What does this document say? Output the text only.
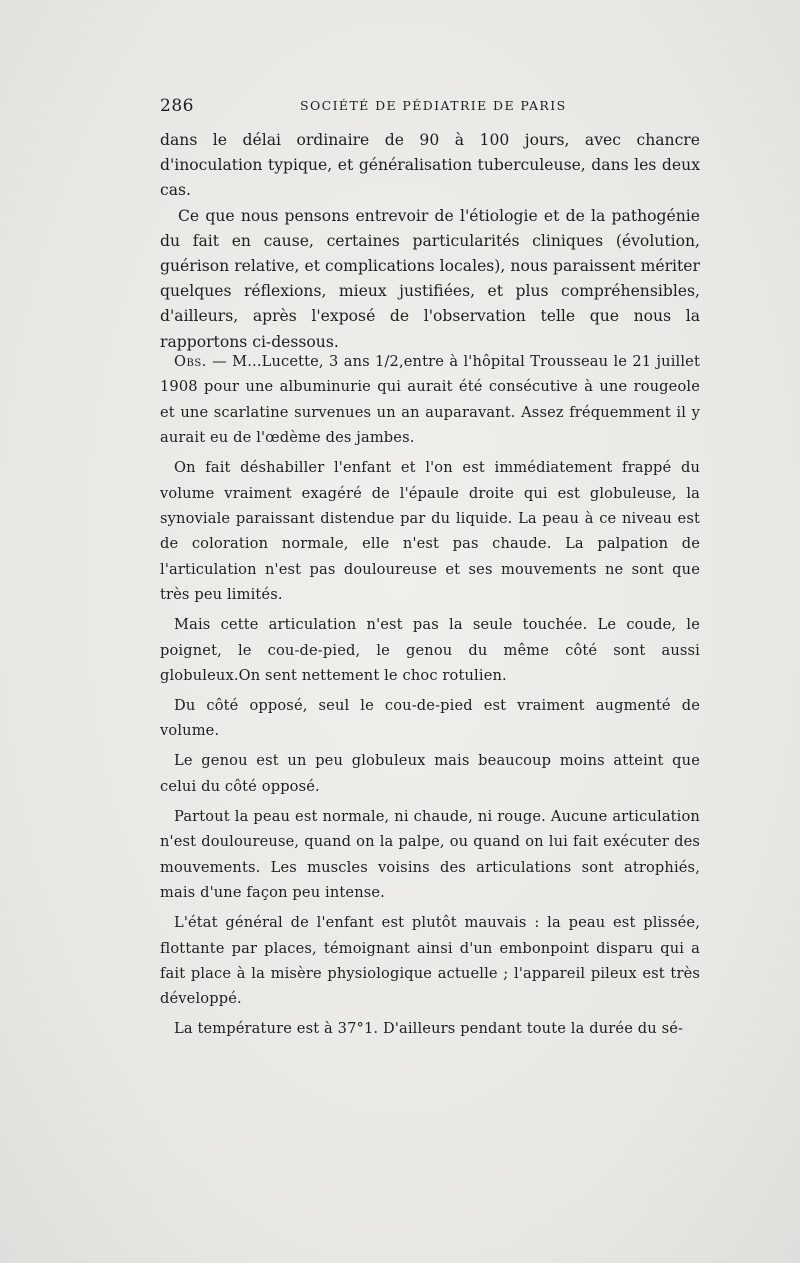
286	SOCIÉTÉ DE PÉDIATRIE DE PARIS

dans le délai ordinaire de 90 à 100 jours, avec chancre d'inoculation typique, et généralisation tuberculeuse, dans les deux cas.

Ce que nous pensons entrevoir de l'étiologie et de la pathogénie du fait en cause, certaines particularités cliniques (évolution, guérison relative, et complications locales), nous paraissent mériter quelques réflexions, mieux justifiées, et plus compréhensibles, d'ailleurs, après l'exposé de l'observation telle que nous la rapportons ci-dessous.

Obs. — M...Lucette, 3 ans 1/2,entre à l'hôpital Trousseau le 21 juillet 1908 pour une albuminurie qui aurait été consécutive à une rougeole et une scarlatine survenues un an auparavant. Assez fréquemment il y aurait eu de l'œdème des jambes.

On fait déshabiller l'enfant et l'on est immédiatement frappé du volume vraiment exagéré de l'épaule droite qui est globuleuse, la synoviale paraissant distendue par du liquide. La peau à ce niveau est de coloration normale, elle n'est pas chaude. La palpation de l'articulation n'est pas douloureuse et ses mouvements ne sont que très peu limités.

Mais cette articulation n'est pas la seule touchée. Le coude, le poignet, le cou-de-pied, le genou du même côté sont aussi globuleux.On sent nettement le choc rotulien.

Du côté opposé, seul le cou-de-pied est vraiment augmenté de volume.

Le genou est un peu globuleux mais beaucoup moins atteint que celui du côté opposé.

Partout la peau est normale, ni chaude, ni rouge. Aucune articulation n'est douloureuse, quand on la palpe, ou quand on lui fait exécuter des mouvements. Les muscles voisins des articulations sont atrophiés, mais d'une façon peu intense.

L'état général de l'enfant est plutôt mauvais : la peau est plissée, flottante par places, témoignant ainsi d'un embonpoint disparu qui a fait place à la misère physiologique actuelle ; l'appareil pileux est très développé.

La température est à 37°1. D'ailleurs pendant toute la durée du sé-
